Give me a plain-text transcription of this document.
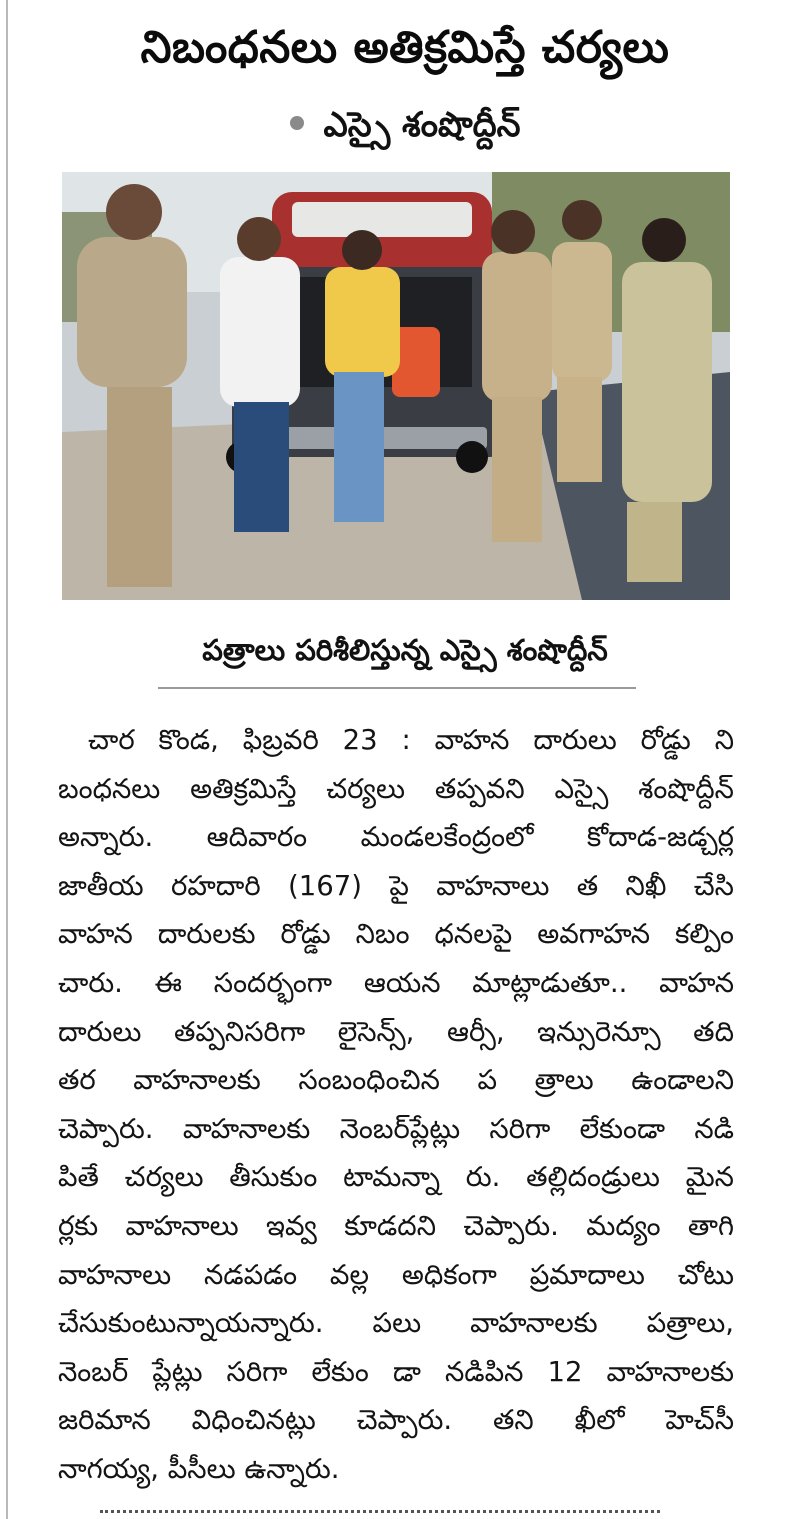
నిబంధనలు అతిక్రమిస్తే చర్యలు
ఎస్సై శంషొద్దీన్
పత్రాలు పరిశీలిస్తున్న ఎస్సై శంషొద్దీన్
చార కొండ, ఫిబ్రవరి 23 : వాహన దారులు రోడ్డు ని
బంధనలు అతిక్రమిస్తే చర్యలు తప్పవని ఎస్సై శంషొద్దీన్
అన్నారు. ఆదివారం మండలకేంద్రంలో కోదాడ-జడ్చర్ల
జాతీయ రహదారి (167) పై వాహనాలు త నిఖీ చేసి
వాహన దారులకు రోడ్డు నిబం ధనలపై అవగాహన కల్పిం
చారు. ఈ సందర్భంగా ఆయన మాట్లాడుతూ.. వాహన
దారులు తప్పనిసరిగా లైసెన్స్, ఆర్సీ, ఇన్సురెన్సూ తది
తర వాహనాలకు సంబంధించిన ప త్రాలు ఉండాలని
చెప్పారు. వాహనాలకు నెంబర్‌ప్లేట్లు సరిగా లేకుండా నడి
పితే చర్యలు తీసుకుం టామన్నా రు. తల్లిదండ్రులు మైన
ర్లకు వాహనాలు ఇవ్వ కూడదని చెప్పారు. మద్యం తాగి
వాహనాలు నడపడం వల్ల అధికంగా ప్రమాదాలు చోటు
చేసుకుంటున్నాయన్నారు. పలు వాహనాలకు పత్రాలు,
నెంబర్ ప్లేట్లు సరిగా లేకుం డా నడిపిన 12 వాహనాలకు
జరిమాన విధించినట్లు చెప్పారు. తని ఖీలో హెచ్‌సీ
నాగయ్య, పీసీలు ఉన్నారు.
